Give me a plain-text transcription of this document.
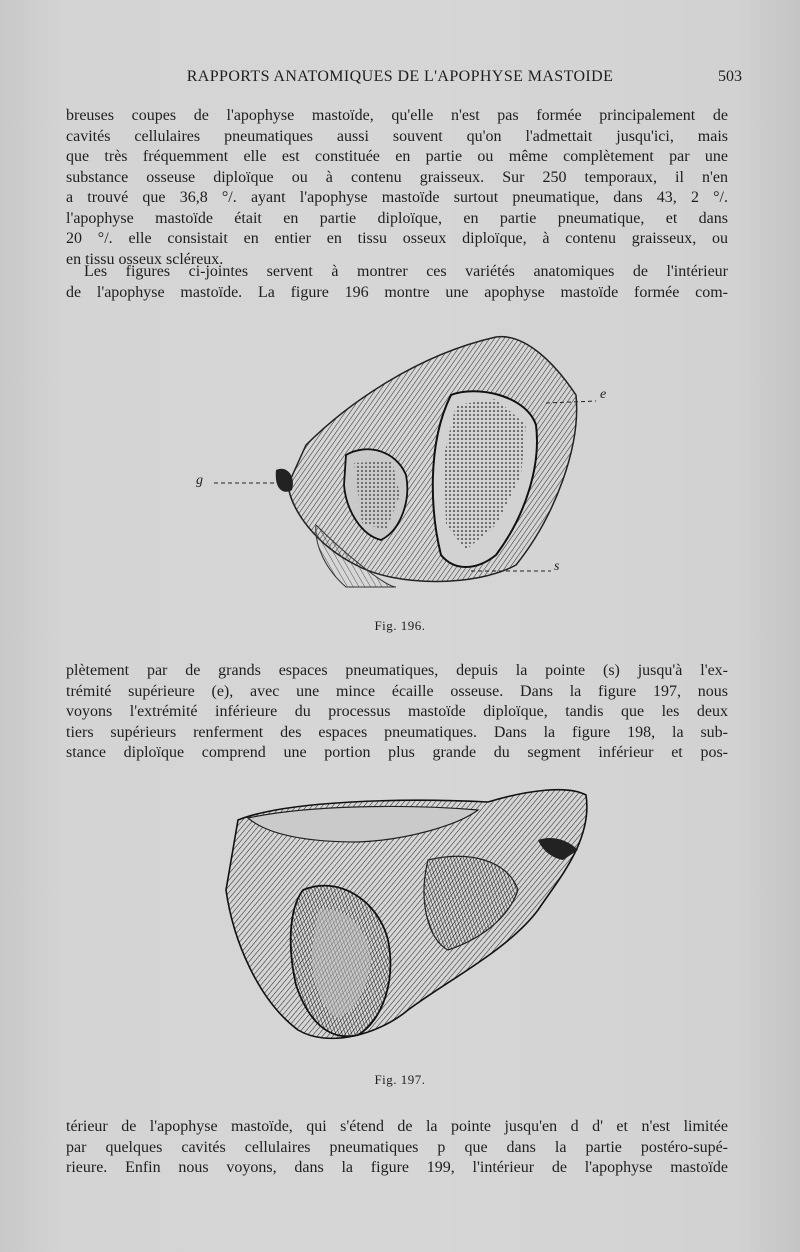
RAPPORTS ANATOMIQUES DE L'APOPHYSE MASTOIDE	503
breuses coupes de l'apophyse mastoïde, qu'elle n'est pas formée principalement de
cavités cellulaires pneumatiques aussi souvent qu'on l'admettait jusqu'ici, mais
que très fréquemment elle est constituée en partie ou même complètement par une
substance osseuse diploïque ou à contenu graisseux. Sur 250 temporaux, il n'en
a trouvé que 36,8 °/. ayant l'apophyse mastoïde surtout pneumatique, dans 43, 2 °/.
l'apophyse mastoïde était en partie diploïque, en partie pneumatique, et dans
20 °/. elle consistait en entier en tissu osseux diploïque, à contenu graisseux, ou
en tissu osseux scléreux.
Les figures ci-jointes servent à montrer ces variétés anatomiques de l'intérieur
de l'apophyse mastoïde. La figure 196 montre une apophyse mastoïde formée com-
e
g
s
Fig. 196.
plètement par de grands espaces pneumatiques, depuis la pointe (s) jusqu'à l'ex-
trémité supérieure (e), avec une mince écaille osseuse. Dans la figure 197, nous
voyons l'extrémité inférieure du processus mastoïde diploïque, tandis que les deux
tiers supérieurs renferment des espaces pneumatiques. Dans la figure 198, la sub-
stance diploïque comprend une portion plus grande du segment inférieur et pos-
Fig. 197.
térieur de l'apophyse mastoïde, qui s'étend de la pointe jusqu'en d d' et n'est limitée
par quelques cavités cellulaires pneumatiques p que dans la partie postéro-supé-
rieure. Enfin nous voyons, dans la figure 199, l'intérieur de l'apophyse mastoïde
